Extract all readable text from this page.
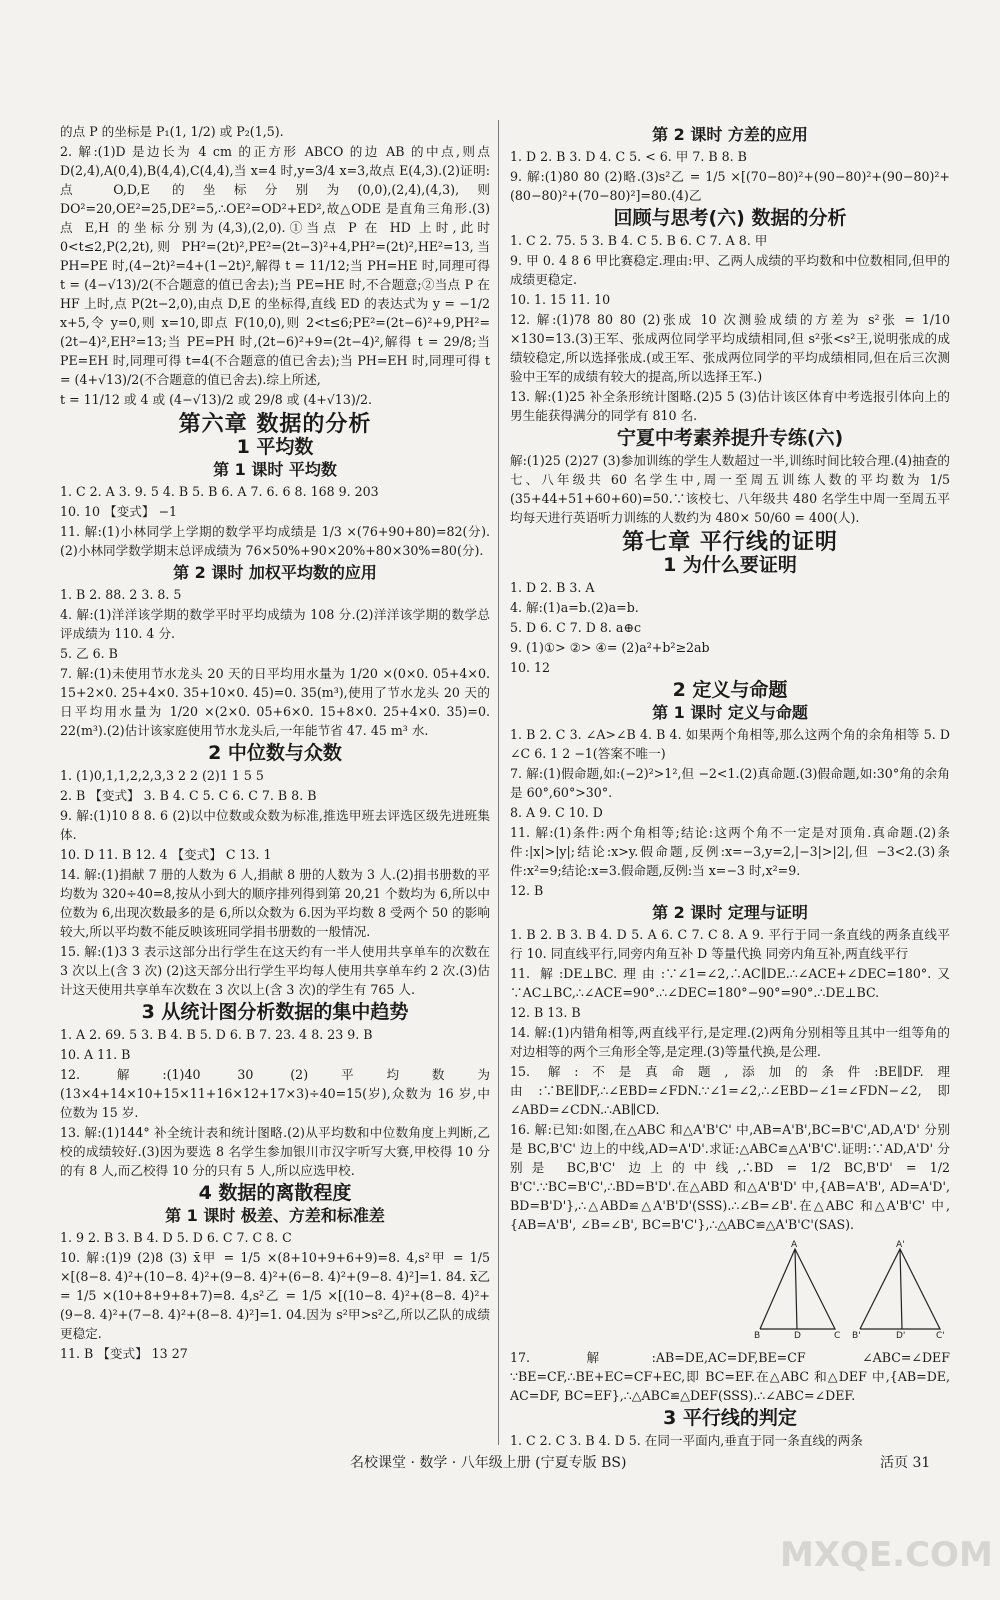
的点 P 的坐标是 P₁(1, 1/2) 或 P₂(1,5).

2. 解:(1)D 是边长为 4 cm 的正方形 ABCO 的边 AB 的中点,则点 D(2,4),A(0,4),B(4,4),C(4,4),当 x=4 时,y=3/4 x=3,故点 E(4,3).(2)证明:点 O,D,E 的坐标分别为(0,0),(2,4),(4,3),则 DO²=20,OE²=25,DE²=5,∴OE²=OD²+ED²,故△ODE 是直角三角形.(3)点 E,H 的坐标分别为(4,3),(2,0).①当点 P 在 HD 上时,此时 0<t≤2,P(2,2t),则 PH²=(2t)²,PE²=(2t−3)²+4,PH²=(2t)²,HE²=13,当 PH=PE 时,(4−2t)²=4+(1−2t)²,解得 t = 11/12;当 PH=HE 时,同理可得 t = (4−√13)/2(不合题意的值已舍去);当 PE=HE 时,不合题意;②当点 P 在 HF 上时,点 P(2t−2,0),由点 D,E 的坐标得,直线 ED 的表达式为 y = −1/2 x+5,令 y=0,则 x=10,即点 F(10,0),则 2<t≤6;PE²=(2t−6)²+9,PH²=(2t−4)²,EH²=13;当 PE=PH 时,(2t−6)²+9=(2t−4)²,解得 t = 29/8;当 PE=EH 时,同理可得 t=4(不合题意的值已舍去);当 PH=EH 时,同理可得 t = (4+√13)/2(不合题意的值已舍去).综上所述,

t = 11/12 或 4 或 (4−√13)/2 或 29/8 或 (4+√13)/2.

第六章 数据的分析
1 平均数
第 1 课时 平均数

1. C 2. A 3. 9. 5 4. B 5. B 6. A 7. 6. 6 8. 168 9. 203

10. 10 【变式】 −1

11. 解:(1)小林同学上学期的数学平均成绩是 1/3 ×(76+90+80)=82(分).(2)小林同学数学期末总评成绩为 76×50%+90×20%+80×30%=80(分).

第 2 课时 加权平均数的应用

1. B 2. 88. 2 3. 8. 5

4. 解:(1)洋洋该学期的数学平时平均成绩为 108 分.(2)洋洋该学期的数学总评成绩为 110. 4 分.

5. 乙 6. B

7. 解:(1)未使用节水龙头 20 天的日平均用水量为 1/20 ×(0×0. 05+4×0. 15+2×0. 25+4×0. 35+10×0. 45)=0. 35(m³),使用了节水龙头 20 天的日平均用水量为 1/20 ×(2×0. 05+6×0. 15+8×0. 25+4×0. 35)=0. 22(m³).(2)估计该家庭使用节水龙头后,一年能节省 47. 45 m³ 水.

2 中位数与众数

1. (1)0,1,1,2,2,3,3 2 2 (2)1 1 5 5

2. B 【变式】 3. B 4. C 5. C 6. C 7. B 8. B

9. 解:(1)10 8 8. 6 (2)以中位数或众数为标准,推选甲班去评选区级先进班集体.

10. D 11. B 12. 4 【变式】 C 13. 1

14. 解:(1)捐献 7 册的人数为 6 人,捐献 8 册的人数为 3 人.(2)捐书册数的平均数为 320÷40=8,按从小到大的顺序排列得到第 20,21 个数均为 6,所以中位数为 6,出现次数最多的是 6,所以众数为 6.因为平均数 8 受两个 50 的影响较大,所以平均数不能反映该班同学捐书册数的一般情况.

15. 解:(1)3 3 表示这部分出行学生在这天约有一半人使用共享单车的次数在 3 次以上(含 3 次) (2)这天部分出行学生平均每人使用共享单车约 2 次.(3)估计这天使用共享单车次数在 3 次以上(含 3 次)的学生有 765 人.

3 从统计图分析数据的集中趋势

1. A 2. 69. 5 3. B 4. B 5. D 6. B 7. 23. 4 8. 23 9. B

10. A 11. B

12. 解:(1)40 30 (2)平均数为(13×4+14×10+15×11+16×12+17×3)÷40=15(岁),众数为 16 岁,中位数为 15 岁.

13. 解:(1)144° 补全统计表和统计图略.(2)从平均数和中位数角度上判断,乙校的成绩较好.(3)因为要选 8 名学生参加银川市汉字听写大赛,甲校得 10 分的有 8 人,而乙校得 10 分的只有 5 人,所以应选甲校.

4 数据的离散程度
第 1 课时 极差、方差和标准差

1. 9 2. B 3. B 4. D 5. D 6. C 7. C 8. C

10. 解:(1)9 (2)8 (3) x̄甲 = 1/5 ×(8+10+9+6+9)=8. 4,s²甲 = 1/5 ×[(8−8. 4)²+(10−8. 4)²+(9−8. 4)²+(6−8. 4)²+(9−8. 4)²]=1. 84. x̄乙 = 1/5 ×(10+8+9+8+7)=8. 4,s²乙 = 1/5 ×[(10−8. 4)²+(8−8. 4)²+(9−8. 4)²+(7−8. 4)²+(8−8. 4)²]=1. 04.因为 s²甲>s²乙,所以乙队的成绩更稳定.

11. B 【变式】 13 27

第 2 课时 方差的应用

1. D 2. B 3. D 4. C 5. < 6. 甲 7. B 8. B

9. 解:(1)80 80 (2)略.(3)s²乙 = 1/5 ×[(70−80)²+(90−80)²+(90−80)²+(80−80)²+(70−80)²]=80.(4)乙

回顾与思考(六) 数据的分析

1. C 2. 75. 5 3. B 4. C 5. B 6. C 7. A 8. 甲

9. 甲 0. 4 8 6 甲比赛稳定.理由:甲、乙两人成绩的平均数和中位数相同,但甲的成绩更稳定.

10. 1. 15 11. 10

12. 解:(1)78 80 80 (2)张成 10 次测验成绩的方差为 s²张 = 1/10 ×130=13.(3)王军、张成两位同学平均成绩相同,但 s²张<s²王,说明张成的成绩较稳定,所以选择张成.(或王军、张成两位同学的平均成绩相同,但在后三次测验中王军的成绩有较大的提高,所以选择王军.)

13. 解:(1)25 补全条形统计图略.(2)5 5 (3)估计该区体育中考选报引体向上的男生能获得满分的同学有 810 名.

宁夏中考素养提升专练(六)

解:(1)25 (2)27 (3)参加训练的学生人数超过一半,训练时间比较合理.(4)抽查的七、八年级共 60 名学生中,周一至周五训练人数的平均数为 1/5 (35+44+51+60+60)=50.∵该校七、八年级共 480 名学生中周一至周五平均每天进行英语听力训练的人数约为 480× 50/60 = 400(人).

第七章 平行线的证明
1 为什么要证明

1. D 2. B 3. A

4. 解:(1)a=b.(2)a=b.

5. D 6. C 7. D 8. a⊕c

9. (1)①> ②> ④= (2)a²+b²≥2ab

10. 12

2 定义与命题
第 1 课时 定义与命题

1. B 2. C 3. ∠A>∠B 4. B 4. 如果两个角相等,那么这两个角的余角相等 5. D ∠C 6. 1 2 −1(答案不唯一)

7. 解:(1)假命题,如:(−2)²>1²,但 −2<1.(2)真命题.(3)假命题,如:30°角的余角是 60°,60°>30°.

8. A 9. C 10. D

11. 解:(1)条件:两个角相等;结论:这两个角不一定是对顶角.真命题.(2)条件:|x|>|y|;结论:x>y.假命题,反例:x=−3,y=2,|−3|>|2|,但 −3<2.(3)条件:x²=9;结论:x=3.假命题,反例:当 x=−3 时,x²=9.

12. B

第 2 课时 定理与证明

1. B 2. B 3. B 4. D 5. A 6. C 7. C 8. A 9. 平行于同一条直线的两条直线平行 10. 同直线平行,同旁内角互补 D 等量代换 同旁内角互补,两直线平行

11. 解:DE⊥BC.理由:∵∠1=∠2,∴AC∥DE.∴∠ACE+∠DEC=180°.又∵AC⊥BC,∴∠ACE=90°.∴∠DEC=180°−90°=90°.∴DE⊥BC.

12. B 13. B

14. 解:(1)内错角相等,两直线平行,是定理.(2)两角分别相等且其中一组等角的对边相等的两个三角形全等,是定理.(3)等量代换,是公理.

15. 解:不是真命题,添加的条件:BE∥DF.理由:∵BE∥DF,∴∠EBD=∠FDN.∵∠1=∠2,∴∠EBD−∠1=∠FDN−∠2,即∠ABD=∠CDN.∴AB∥CD.

16. 解:已知:如图,在△ABC 和△A'B'C' 中,AB=A'B',BC=B'C',AD,A'D' 分别是 BC,B'C' 边上的中线,AD=A'D'.求证:△ABC≌△A'B'C'.证明:∵AD,A'D' 分别是 BC,B'C' 边上的中线,∴BD = 1/2 BC,B'D' = 1/2 B'C'.∵BC=B'C',∴BD=B'D'.在△ABD 和△A'B'D' 中,{AB=A'B', AD=A'D', BD=B'D'},∴△ABD≌△A'B'D'(SSS).∴∠B=∠B'.在△ABC 和△A'B'C' 中,{AB=A'B', ∠B=∠B', BC=B'C'},∴△ABC≌△A'B'C'(SAS).

A
B	D	C
A'
B'	D'	C'

17. 解:AB=DE,AC=DF,BE=CF ∠ABC=∠DEF ∵BE=CF,∴BE+EC=CF+EC,即 BC=EF.在△ABC 和△DEF 中,{AB=DE, AC=DF, BC=EF},∴△ABC≌△DEF(SSS).∴∠ABC=∠DEF.

3 平行线的判定

1. C 2. C 3. B 4. D 5. 在同一平面内,垂直于同一条直线的两条

名校课堂 · 数学 · 八年级上册 (宁夏专版 BS)	活页 31
MXQE.COM
